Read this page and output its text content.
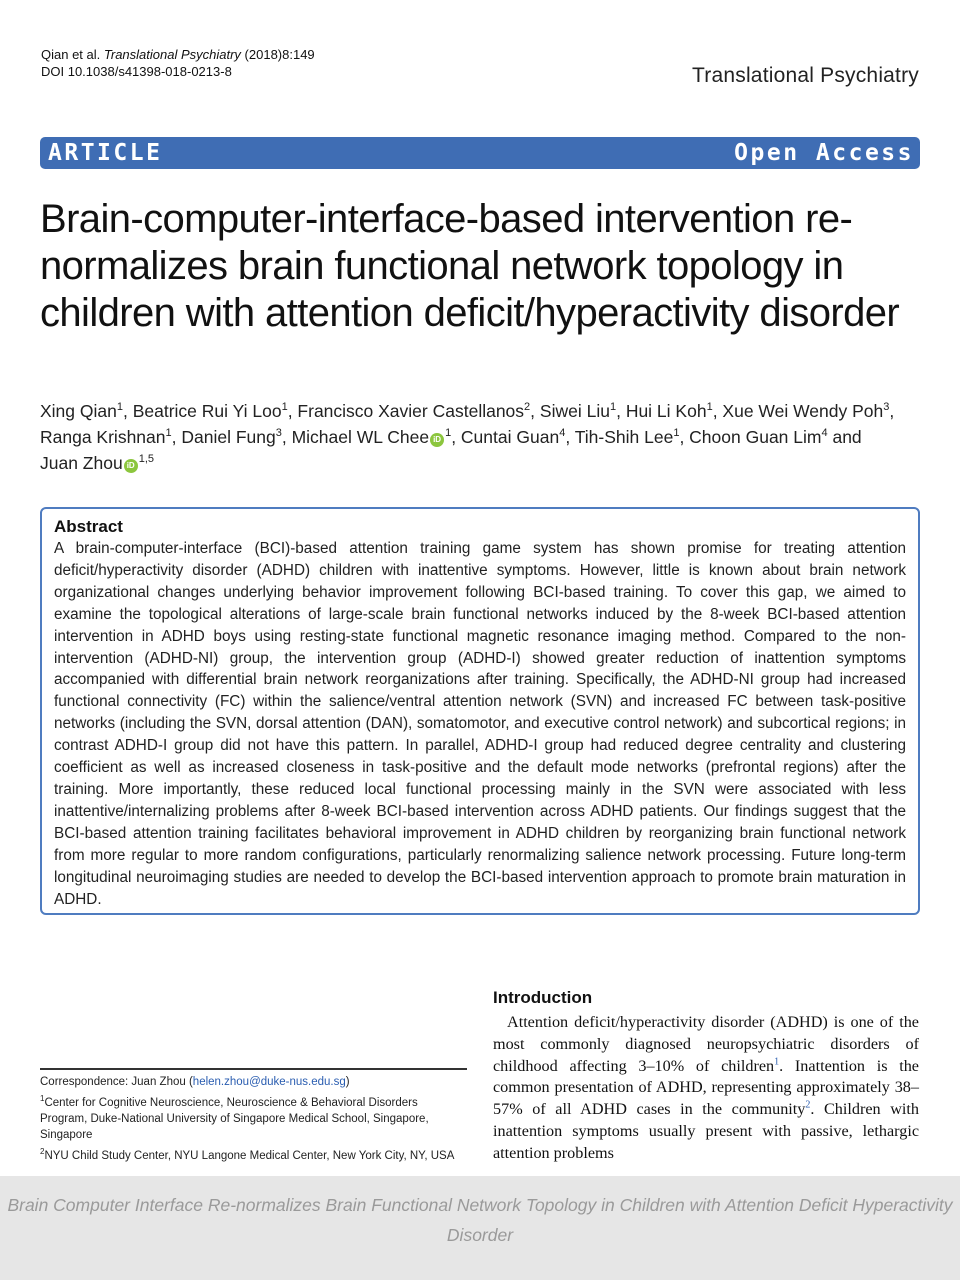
Qian et al. Translational Psychiatry (2018)8:149
DOI 10.1038/s41398-018-0213-8	Translational Psychiatry
ARTICLE	Open Access
Brain-computer-interface-based intervention re-normalizes brain functional network topology in children with attention deficit/hyperactivity disorder
Xing Qian$^1$, Beatrice Rui Yi Loo$^1$, Francisco Xavier Castellanos$^2$, Siwei Liu$^1$, Hui Li Koh$^1$, Xue Wei Wendy Poh$^3$,
Ranga Krishnan$^1$, Daniel Fung$^3$, Michael WL Chee $iD^1$, Cuntai Guan$^4$, Tih-Shih Lee$^1$, Choon Guan Lim$^4$ and
Juan Zhou iD$^{1,5}$
Abstract
A brain-computer-interface (BCI)-based attention training game system has shown promise for treating attention deficit/hyperactivity disorder (ADHD) children with inattentive symptoms. However, little is known about brain network organizational changes underlying behavior improvement following BCI-based training. To cover this gap, we aimed to examine the topological alterations of large-scale brain functional networks induced by the 8-week BCI-based attention intervention in ADHD boys using resting-state functional magnetic resonance imaging method. Compared to the non-intervention (ADHD-NI) group, the intervention group (ADHD-I) showed greater reduction of inattention symptoms accompanied with differential brain network reorganizations after training. Specifically, the ADHD-NI group had increased functional connectivity (FC) within the salience/ventral attention network (SVN) and increased FC between task-positive networks (including the SVN, dorsal attention (DAN), somatomotor, and executive control network) and subcortical regions; in contrast ADHD-I group did not have this pattern. In parallel, ADHD-I group had reduced degree centrality and clustering coefficient as well as increased closeness in task-positive and the default mode networks (prefrontal regions) after the training. More importantly, these reduced local functional processing mainly in the SVN were associated with less inattentive/internalizing problems after 8-week BCI-based intervention across ADHD patients. Our findings suggest that the BCI-based attention training facilitates behavioral improvement in ADHD children by reorganizing brain functional network from more regular to more random configurations, particularly renormalizing salience network processing. Future long-term longitudinal neuroimaging studies are needed to develop the BCI-based intervention approach to promote brain maturation in ADHD.
Correspondence: Juan Zhou (helen.zhou@duke-nus.edu.sg)
$^1$Center for Cognitive Neuroscience, Neuroscience & Behavioral Disorders Program, Duke-National University of Singapore Medical School, Singapore, Singapore
$^2$NYU Child Study Center, NYU Langone Medical Center, New York City, NY, USA
Introduction

Attention deficit/hyperactivity disorder (ADHD) is one of the most commonly diagnosed neuropsychiatric disorders of childhood affecting 3–10% of children$^1$. Inattention is the common presentation of ADHD, representing approximately 38–57% of all ADHD cases in the community$^2$. Children with inattention symptoms usually present with passive, lethargic attention problems

Brain Computer Interface Re-normalizes Brain Functional Network Topology in Children with Attention Deficit Hyperactivity Disorder
